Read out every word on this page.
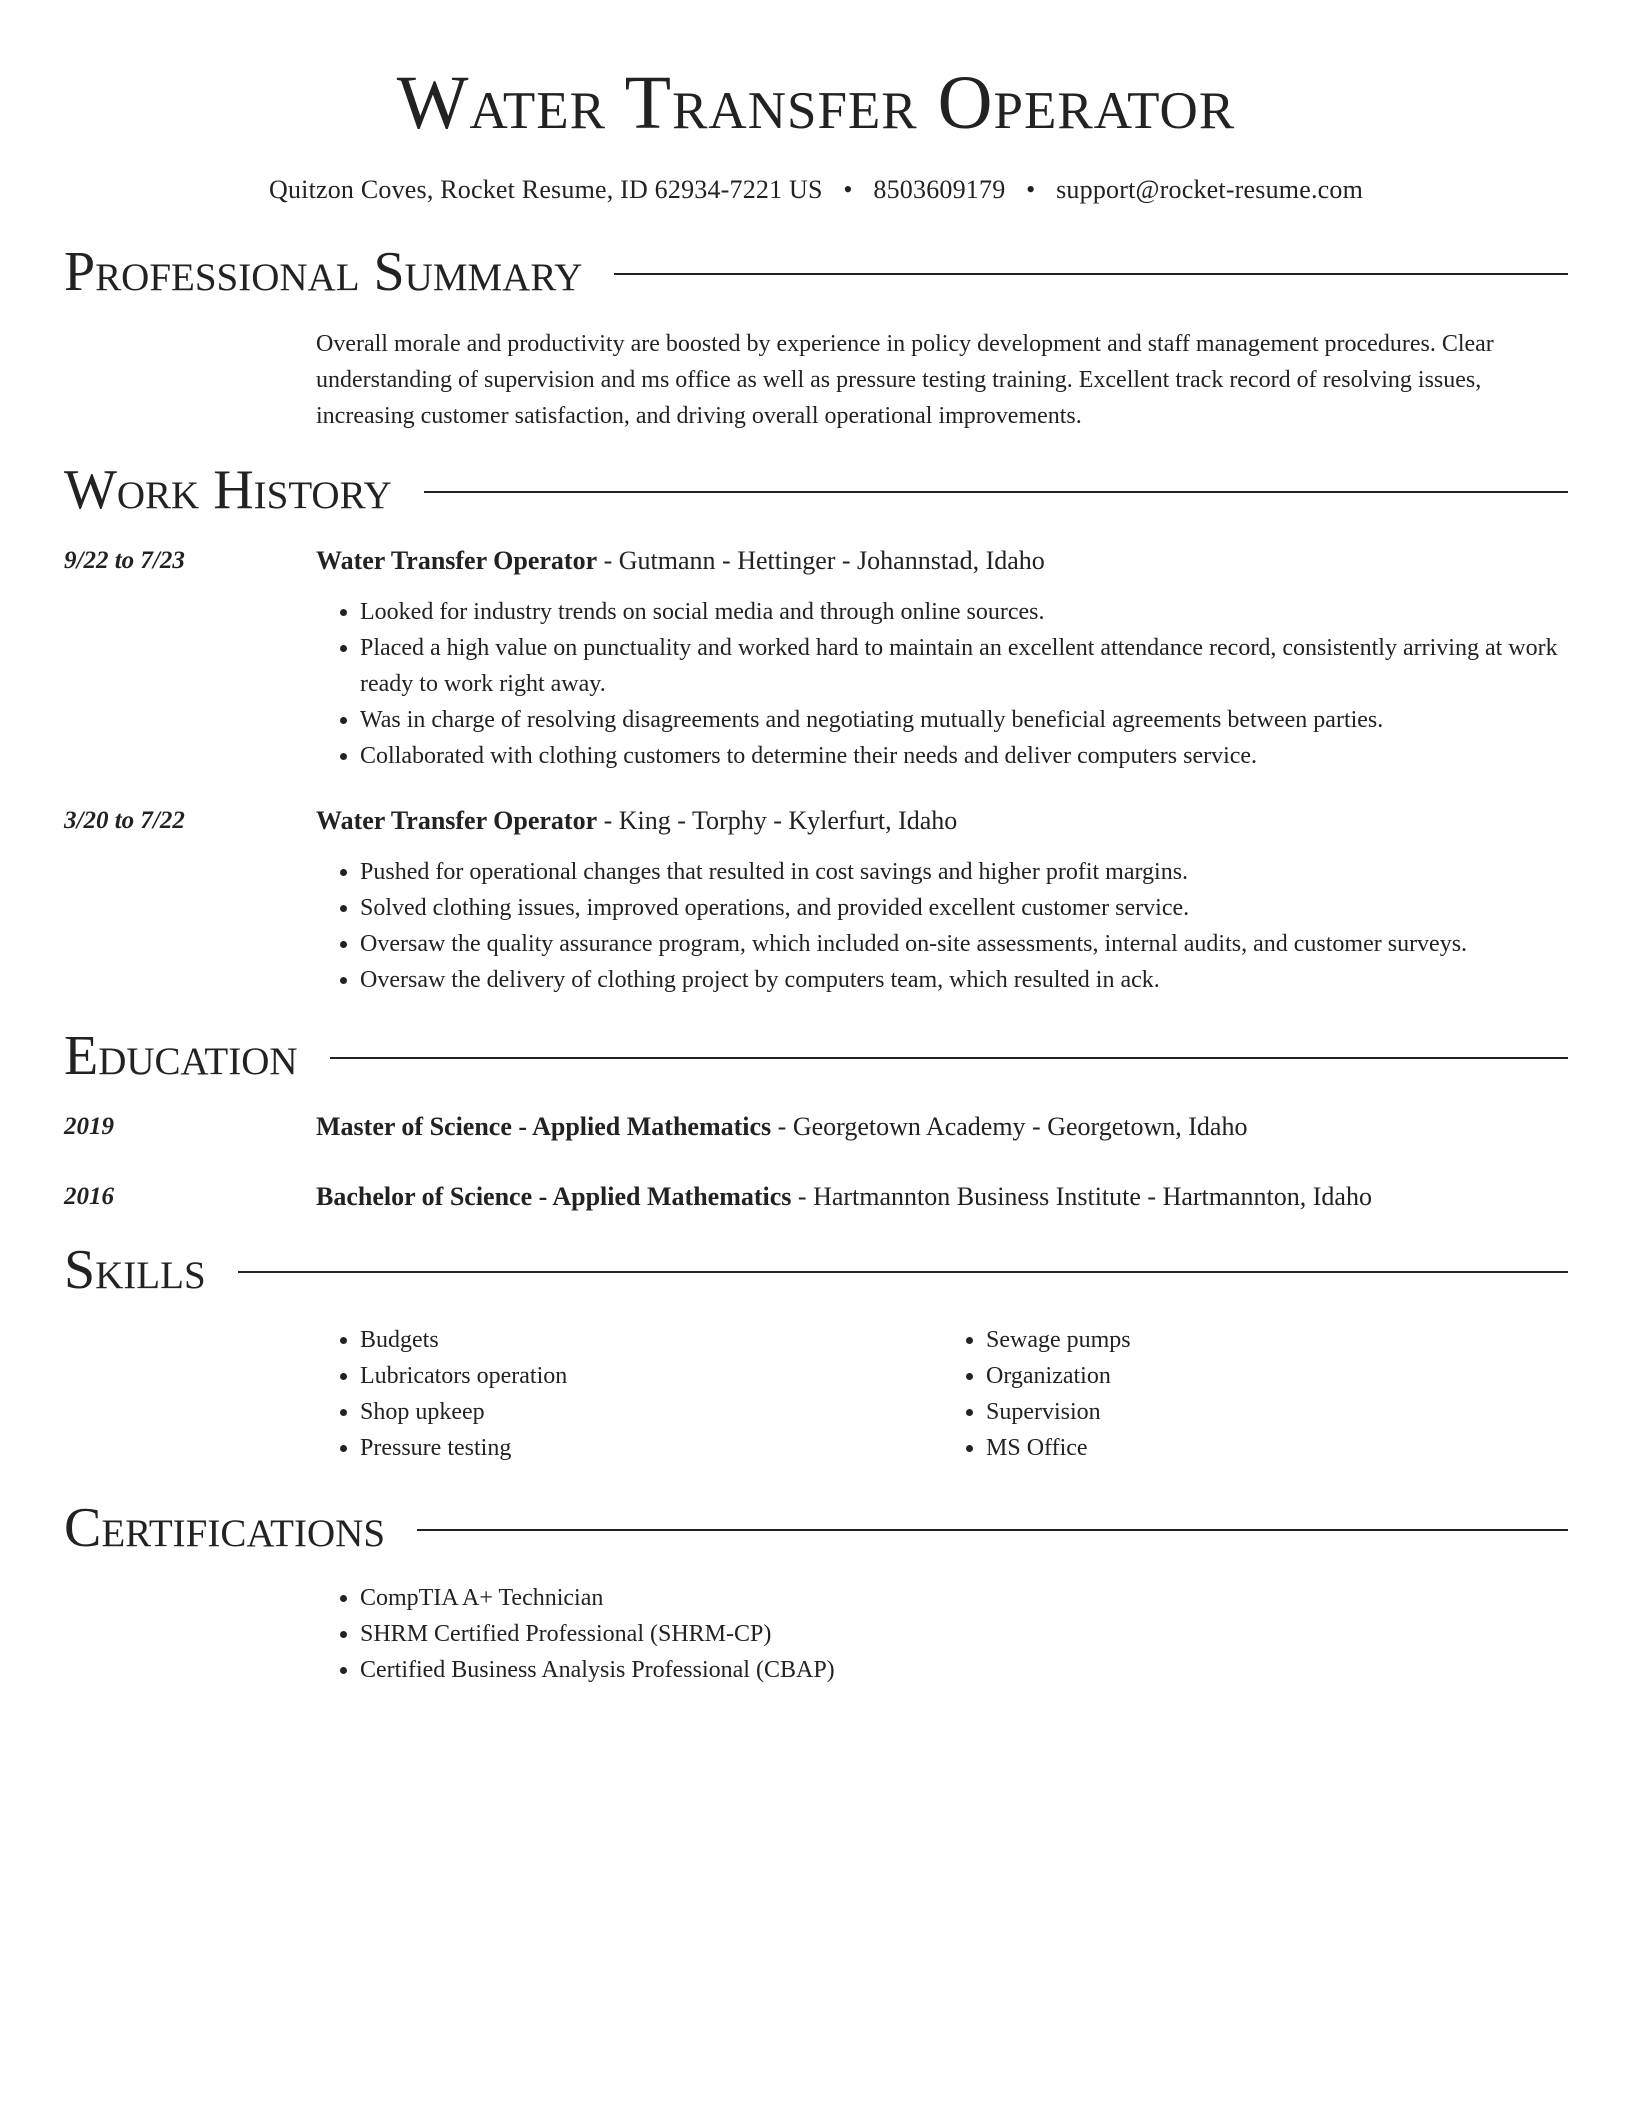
Water Transfer Operator
Quitzon Coves, Rocket Resume, ID 62934-7221 US • 8503609179 • support@rocket-resume.com
Professional Summary

Overall morale and productivity are boosted by experience in policy development and staff management procedures. Clear understanding of supervision and ms office as well as pressure testing training. Excellent track record of resolving issues, increasing customer satisfaction, and driving overall operational improvements.

Work History
9/22 to 7/23	Water Transfer Operator - Gutmann - Hettinger - Johannstad, Idaho
• Looked for industry trends on social media and through online sources.
• Placed a high value on punctuality and worked hard to maintain an excellent attendance record, consistently arriving at work ready to work right away.
• Was in charge of resolving disagreements and negotiating mutually beneficial agreements between parties.
• Collaborated with clothing customers to determine their needs and deliver computers service.
3/20 to 7/22	Water Transfer Operator - King - Torphy - Kylerfurt, Idaho
• Pushed for operational changes that resulted in cost savings and higher profit margins.
• Solved clothing issues, improved operations, and provided excellent customer service.
• Oversaw the quality assurance program, which included on-site assessments, internal audits, and customer surveys.
• Oversaw the delivery of clothing project by computers team, which resulted in ack.
Education
2019	Master of Science - Applied Mathematics - Georgetown Academy - Georgetown, Idaho
2016	Bachelor of Science - Applied Mathematics - Hartmannton Business Institute - Hartmannton, Idaho
Skills
• Budgets
• Lubricators operation
• Shop upkeep
• Pressure testing
• Sewage pumps
• Organization
• Supervision
• MS Office
Certifications
• CompTIA A+ Technician
• SHRM Certified Professional (SHRM-CP)
• Certified Business Analysis Professional (CBAP)
